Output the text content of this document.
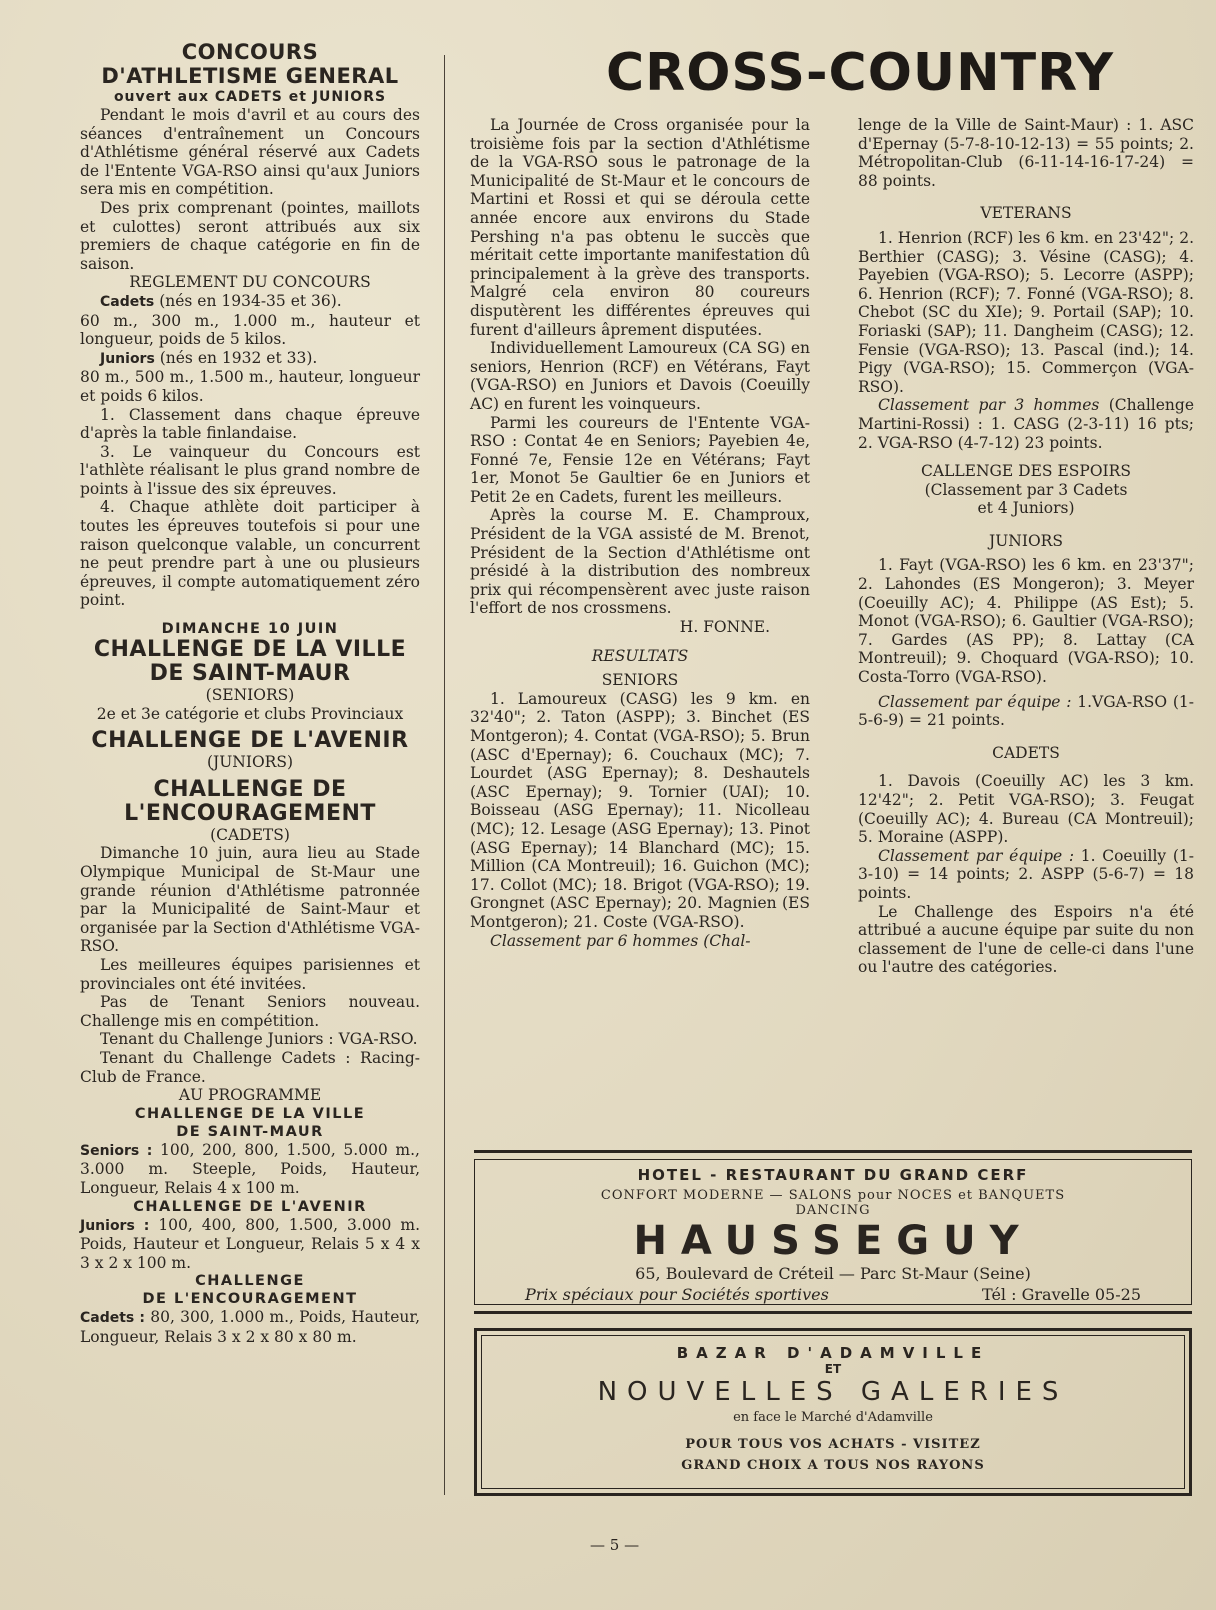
CONCOURS
D'ATHLETISME GENERAL
ouvert aux CADETS et JUNIORS

Pendant le mois d'avril et au cours des séances d'entraînement un Concours d'Athlétisme général réservé aux Cadets de l'Entente VGA-RSO ainsi qu'aux Juniors sera mis en compétition.

Des prix comprenant (pointes, maillots et culottes) seront attribués aux six premiers de chaque catégorie en fin de saison.

REGLEMENT DU CONCOURS

Cadets (nés en 1934-35 et 36).

60 m., 300 m., 1.000 m., hauteur et longueur, poids de 5 kilos.

Juniors (nés en 1932 et 33).

80 m., 500 m., 1.500 m., hauteur, longueur et poids 6 kilos.

1. Classement dans chaque épreuve d'après la table finlandaise.

3. Le vainqueur du Concours est l'athlète réalisant le plus grand nombre de points à l'issue des six épreuves.

4. Chaque athlète doit participer à toutes les épreuves toutefois si pour une raison quelconque valable, un concurrent ne peut prendre part à une ou plusieurs épreuves, il compte automatiquement zéro point.

DIMANCHE 10 JUIN
CHALLENGE DE LA VILLE
DE SAINT-MAUR
(SENIORS)
2e et 3e catégorie et clubs Provinciaux
CHALLENGE DE L'AVENIR
(JUNIORS)
CHALLENGE DE
L'ENCOURAGEMENT
(CADETS)

Dimanche 10 juin, aura lieu au Stade Olympique Municipal de St-Maur une grande réunion d'Athlétisme patronnée par la Municipalité de Saint-Maur et organisée par la Section d'Athlétisme VGA-RSO.

Les meilleures équipes parisiennes et provinciales ont été invitées.

Pas de Tenant Seniors nouveau. Challenge mis en compétition.

Tenant du Challenge Juniors : VGA-RSO.

Tenant du Challenge Cadets : Racing-Club de France.

AU PROGRAMME
CHALLENGE DE LA VILLE
DE SAINT-MAUR

Seniors : 100, 200, 800, 1.500, 5.000 m., 3.000 m. Steeple, Poids, Hauteur, Longueur, Relais 4 x 100 m.

CHALLENGE DE L'AVENIR

Juniors : 100, 400, 800, 1.500, 3.000 m. Poids, Hauteur et Longueur, Relais 5 x 4 x 3 x 2 x 100 m.

CHALLENGE
DE L'ENCOURAGEMENT

Cadets : 80, 300, 1.000 m., Poids, Hauteur, Longueur, Relais 3 x 2 x 80 x 80 m.

CROSS-COUNTRY

La Journée de Cross organisée pour la troisième fois par la section d'Athlétisme de la VGA-RSO sous le patronage de la Municipalité de St-Maur et le concours de Martini et Rossi et qui se déroula cette année encore aux environs du Stade Pershing n'a pas obtenu le succès que méritait cette importante manifestation dû principalement à la grève des transports. Malgré cela environ 80 coureurs disputèrent les différentes épreuves qui furent d'ailleurs âprement disputées.

Individuellement Lamoureux (CA SG) en seniors, Henrion (RCF) en Vétérans, Fayt (VGA-RSO) en Juniors et Davois (Coeuilly AC) en furent les voinqueurs.

Parmi les coureurs de l'Entente VGA-RSO : Contat 4e en Seniors; Payebien 4e, Fonné 7e, Fensie 12e en Vétérans; Fayt 1er, Monot 5e Gaultier 6e en Juniors et Petit 2e en Cadets, furent les meilleurs.

Après la course M. E. Champroux, Président de la VGA assisté de M. Brenot, Président de la Section d'Athlétisme ont présidé à la distribution des nombreux prix qui récompensèrent avec juste raison l'effort de nos crossmens.

H. FONNE.
RESULTATS
SENIORS

1. Lamoureux (CASG) les 9 km. en 32'40"; 2. Taton (ASPP); 3. Binchet (ES Montgeron); 4. Contat (VGA-RSO); 5. Brun (ASC d'Epernay); 6. Couchaux (MC); 7. Lourdet (ASG Epernay); 8. Deshautels (ASC Epernay); 9. Tornier (UAI); 10. Boisseau (ASG Epernay); 11. Nicolleau (MC); 12. Lesage (ASG Epernay); 13. Pinot (ASG Epernay); 14 Blanchard (MC); 15. Million (CA Montreuil); 16. Guichon (MC); 17. Collot (MC); 18. Brigot (VGA-RSO); 19. Grongnet (ASC Epernay); 20. Magnien (ES Montgeron); 21. Coste (VGA-RSO).

Classement par 6 hommes (Chal-

lenge de la Ville de Saint-Maur) : 1. ASC d'Epernay (5-7-8-10-12-13) = 55 points; 2. Métropolitan-Club (6-11-14-16-17-24) = 88 points.

VETERANS

1. Henrion (RCF) les 6 km. en 23'42"; 2. Berthier (CASG); 3. Vésine (CASG); 4. Payebien (VGA-RSO); 5. Lecorre (ASPP); 6. Henrion (RCF); 7. Fonné (VGA-RSO); 8. Chebot (SC du XIe); 9. Portail (SAP); 10. Foriaski (SAP); 11. Dangheim (CASG); 12. Fensie (VGA-RSO); 13. Pascal (ind.); 14. Pigy (VGA-RSO); 15. Commerçon (VGA-RSO).

Classement par 3 hommes (Challenge Martini-Rossi) : 1. CASG (2-3-11) 16 pts; 2. VGA-RSO (4-7-12) 23 points.

CALLENGE DES ESPOIRS
(Classement par 3 Cadets
et 4 Juniors)
JUNIORS

1. Fayt (VGA-RSO) les 6 km. en 23'37"; 2. Lahondes (ES Mongeron); 3. Meyer (Coeuilly AC); 4. Philippe (AS Est); 5. Monot (VGA-RSO); 6. Gaultier (VGA-RSO); 7. Gardes (AS PP); 8. Lattay (CA Montreuil); 9. Choquard (VGA-RSO); 10. Costa-Torro (VGA-RSO).

Classement par équipe : 1.VGA-RSO (1-5-6-9) = 21 points.

CADETS

1. Davois (Coeuilly AC) les 3 km. 12'42"; 2. Petit VGA-RSO); 3. Feugat (Coeuilly AC); 4. Bureau (CA Montreuil); 5. Moraine (ASPP).

Classement par équipe : 1. Coeuilly (1-3-10) = 14 points; 2. ASPP (5-6-7) = 18 points.

Le Challenge des Espoirs n'a été attribué a aucune équipe par suite du non classement de l'une de celle-ci dans l'une ou l'autre des catégories.

HOTEL - RESTAURANT DU GRAND CERF
CONFORT MODERNE — SALONS pour NOCES et BANQUETS
DANCING
HAUSSEGUY
65, Boulevard de Créteil — Parc St-Maur (Seine)
Prix spéciaux pour Sociétés sportives	Tél : Gravelle 05-25
BAZAR D'ADAMVILLE
ET
NOUVELLES GALERIES
en face le Marché d'Adamville
POUR TOUS VOS ACHATS - VISITEZ
GRAND CHOIX A TOUS NOS RAYONS
— 5 —
